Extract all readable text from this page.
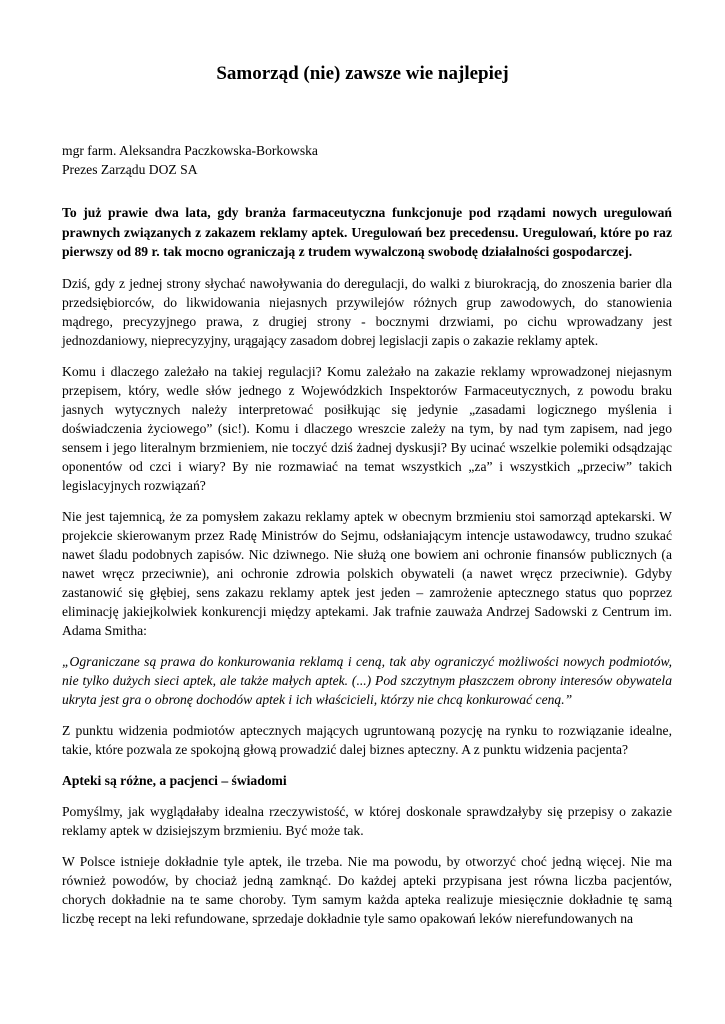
Samorząd (nie) zawsze wie najlepiej
mgr farm. Aleksandra Paczkowska-Borkowska
Prezes Zarządu DOZ SA

To już prawie dwa lata, gdy branża farmaceutyczna funkcjonuje pod rządami nowych uregulowań prawnych związanych z zakazem reklamy aptek. Uregulowań bez precedensu. Uregulowań, które po raz pierwszy od 89 r. tak mocno ograniczają z trudem wywalczoną swobodę działalności gospodarczej.

Dziś, gdy z jednej strony słychać nawoływania do deregulacji, do walki z biurokracją, do znoszenia barier dla przedsiębiorców, do likwidowania niejasnych przywilejów różnych grup zawodowych, do stanowienia mądrego, precyzyjnego prawa, z drugiej strony - bocznymi drzwiami, po cichu wprowadzany jest jednozdaniowy, nieprecyzyjny, urągający zasadom dobrej legislacji zapis o zakazie reklamy aptek.

Komu i dlaczego zależało na takiej regulacji? Komu zależało na zakazie reklamy wprowadzonej niejasnym przepisem, który, wedle słów jednego z Wojewódzkich Inspektorów Farmaceutycznych, z powodu braku jasnych wytycznych należy interpretować posiłkując się jedynie „zasadami logicznego myślenia i doświadczenia życiowego” (sic!). Komu i dlaczego wreszcie zależy na tym, by nad tym zapisem, nad jego sensem i jego literalnym brzmieniem, nie toczyć dziś żadnej dyskusji? By ucinać wszelkie polemiki odsądzając oponentów od czci i wiary? By nie rozmawiać na temat wszystkich „za” i wszystkich „przeciw” takich legislacyjnych rozwiązań?

Nie jest tajemnicą, że za pomysłem zakazu reklamy aptek w obecnym brzmieniu stoi samorząd aptekarski. W projekcie skierowanym przez Radę Ministrów do Sejmu, odsłaniającym intencje ustawodawcy, trudno szukać nawet śladu podobnych zapisów. Nic dziwnego. Nie służą one bowiem ani ochronie finansów publicznych (a nawet wręcz przeciwnie), ani ochronie zdrowia polskich obywateli (a nawet wręcz przeciwnie). Gdyby zastanowić się głębiej, sens zakazu reklamy aptek jest jeden – zamrożenie aptecznego status quo poprzez eliminację jakiejkolwiek konkurencji między aptekami. Jak trafnie zauważa Andrzej Sadowski z Centrum im. Adama Smitha:

„Ograniczane są prawa do konkurowania reklamą i ceną, tak aby ograniczyć możliwości nowych podmiotów, nie tylko dużych sieci aptek, ale także małych aptek. (...) Pod szczytnym płaszczem obrony interesów obywatela ukryta jest gra o obronę dochodów aptek i ich właścicieli, którzy nie chcą konkurować ceną.”

Z punktu widzenia podmiotów aptecznych mających ugruntowaną pozycję na rynku to rozwiązanie idealne, takie, które pozwala ze spokojną głową prowadzić dalej biznes apteczny. A z punktu widzenia pacjenta?

Apteki są różne, a pacjenci – świadomi

Pomyślmy, jak wyglądałaby idealna rzeczywistość, w której doskonale sprawdzałyby się przepisy o zakazie reklamy aptek w dzisiejszym brzmieniu. Być może tak.

W Polsce istnieje dokładnie tyle aptek, ile trzeba. Nie ma powodu, by otworzyć choć jedną więcej. Nie ma również powodów, by chociaż jedną zamknąć. Do każdej apteki przypisana jest równa liczba pacjentów, chorych dokładnie na te same choroby. Tym samym każda apteka realizuje miesięcznie dokładnie tę samą liczbę recept na leki refundowane, sprzedaje dokładnie tyle samo opakowań leków nierefundowanych na
